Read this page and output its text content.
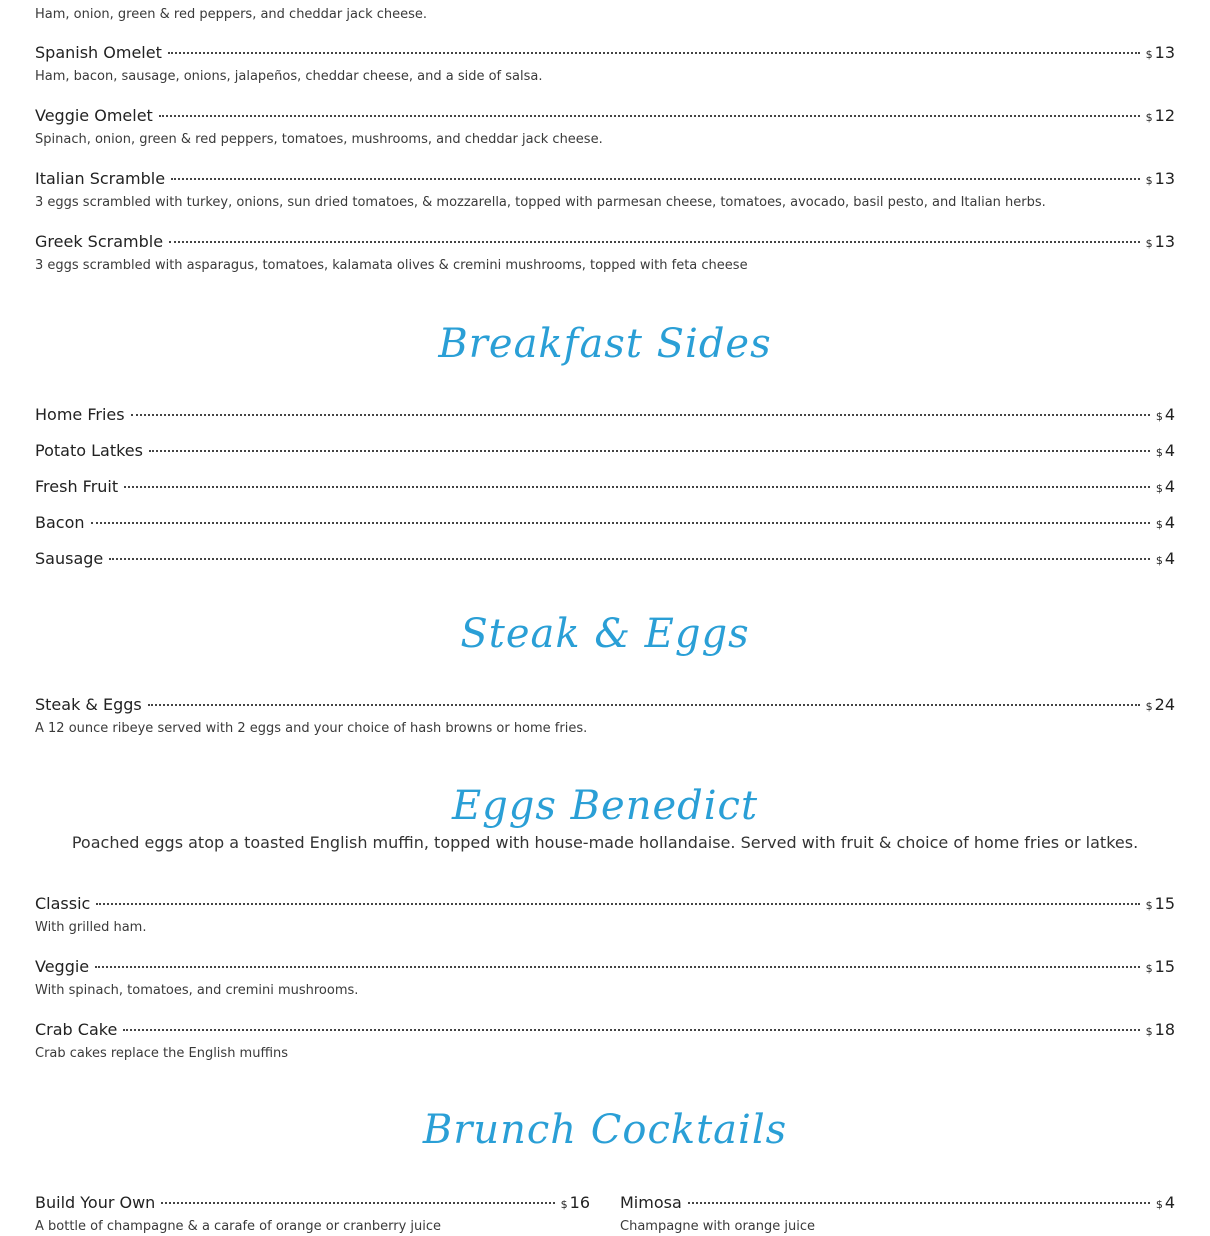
Ham, onion, green & red peppers, and cheddar jack cheese.
Spanish Omelet	$ 13
Ham, bacon, sausage, onions, jalapeños, cheddar cheese, and a side of salsa.
Veggie Omelet	$ 12
Spinach, onion, green & red peppers, tomatoes, mushrooms, and cheddar jack cheese.
Italian Scramble	$ 13
3 eggs scrambled with turkey, onions, sun dried tomatoes, & mozzarella, topped with parmesan cheese, tomatoes, avocado, basil pesto, and Italian herbs.
Greek Scramble	$ 13
3 eggs scrambled with asparagus, tomatoes, kalamata olives & cremini mushrooms, topped with feta cheese
Breakfast Sides
Home Fries	$ 4
Potato Latkes	$ 4
Fresh Fruit	$ 4
Bacon	$ 4
Sausage	$ 4
Steak & Eggs
Steak & Eggs	$ 24
A 12 ounce ribeye served with 2 eggs and your choice of hash browns or home fries.
Eggs Benedict
Poached eggs atop a toasted English muffin, topped with house-made hollandaise. Served with fruit & choice of home fries or latkes.
Classic	$ 15
With grilled ham.
Veggie	$ 15
With spinach, tomatoes, and cremini mushrooms.
Crab Cake	$ 18
Crab cakes replace the English muffins
Brunch Cocktails
Build Your Own	$ 16
A bottle of champagne & a carafe of orange or cranberry juice
Mimosa	$ 4
Champagne with orange juice
